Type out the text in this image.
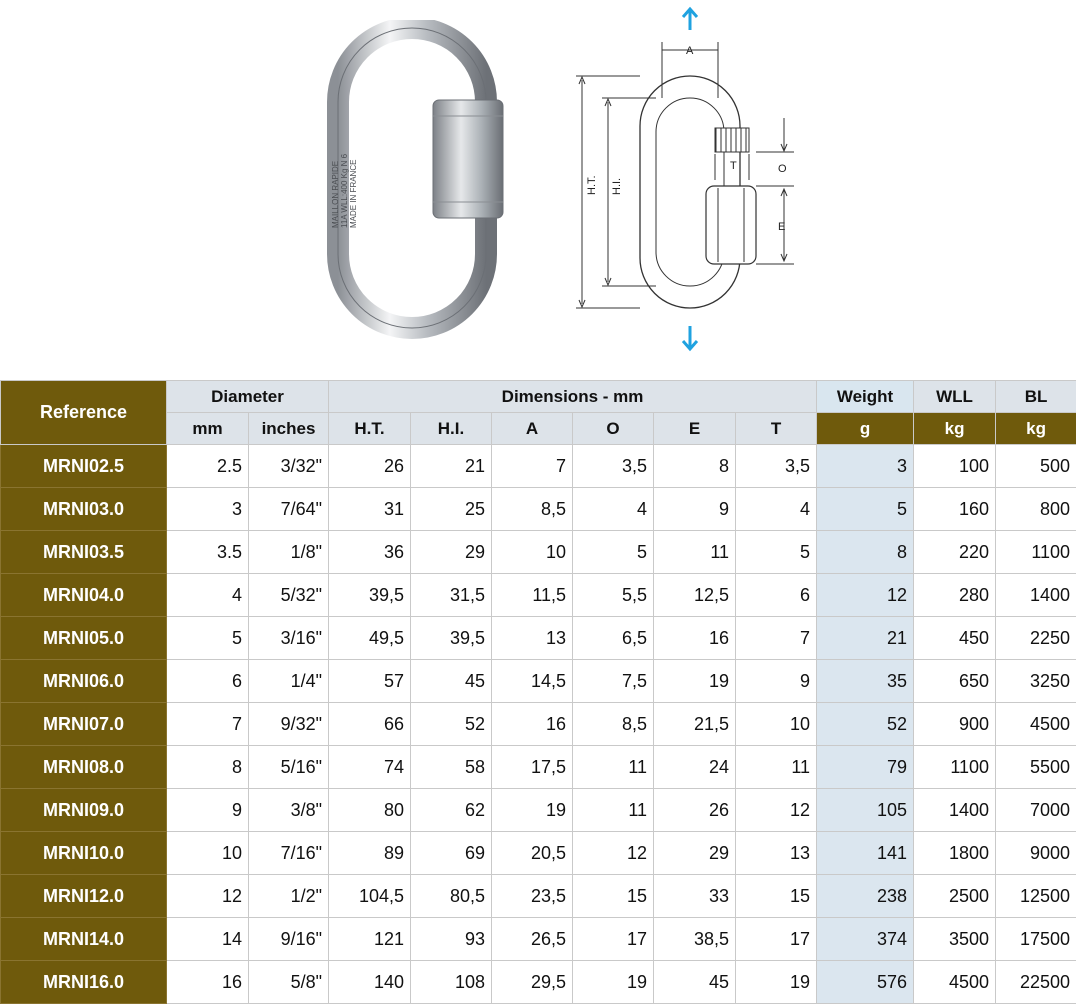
MAILLON RAPIDE 11A WLL:400 Kg N 6 MADE IN FRANCE
A
O
T
E
H.T. H.I.
Reference	Diameter		Dimensions - mm						Weight	WLL	BL
	mm	inches	H.T.	H.I.	A	O	E	T	g	kg	kg
MRNI02.5	2.5	3/32"	26	21	7	3,5	8	3,5	3	100	500
MRNI03.0	3	7/64"	31	25	8,5	4	9	4	5	160	800
MRNI03.5	3.5	1/8"	36	29	10	5	11	5	8	220	1100
MRNI04.0	4	5/32"	39,5	31,5	11,5	5,5	12,5	6	12	280	1400
MRNI05.0	5	3/16"	49,5	39,5	13	6,5	16	7	21	450	2250
MRNI06.0	6	1/4"	57	45	14,5	7,5	19	9	35	650	3250
MRNI07.0	7	9/32"	66	52	16	8,5	21,5	10	52	900	4500
MRNI08.0	8	5/16"	74	58	17,5	11	24	11	79	1100	5500
MRNI09.0	9	3/8"	80	62	19	11	26	12	105	1400	7000
MRNI10.0	10	7/16"	89	69	20,5	12	29	13	141	1800	9000
MRNI12.0	12	1/2"	104,5	80,5	23,5	15	33	15	238	2500	12500
MRNI14.0	14	9/16"	121	93	26,5	17	38,5	17	374	3500	17500
MRNI16.0	16	5/8"	140	108	29,5	19	45	19	576	4500	22500
